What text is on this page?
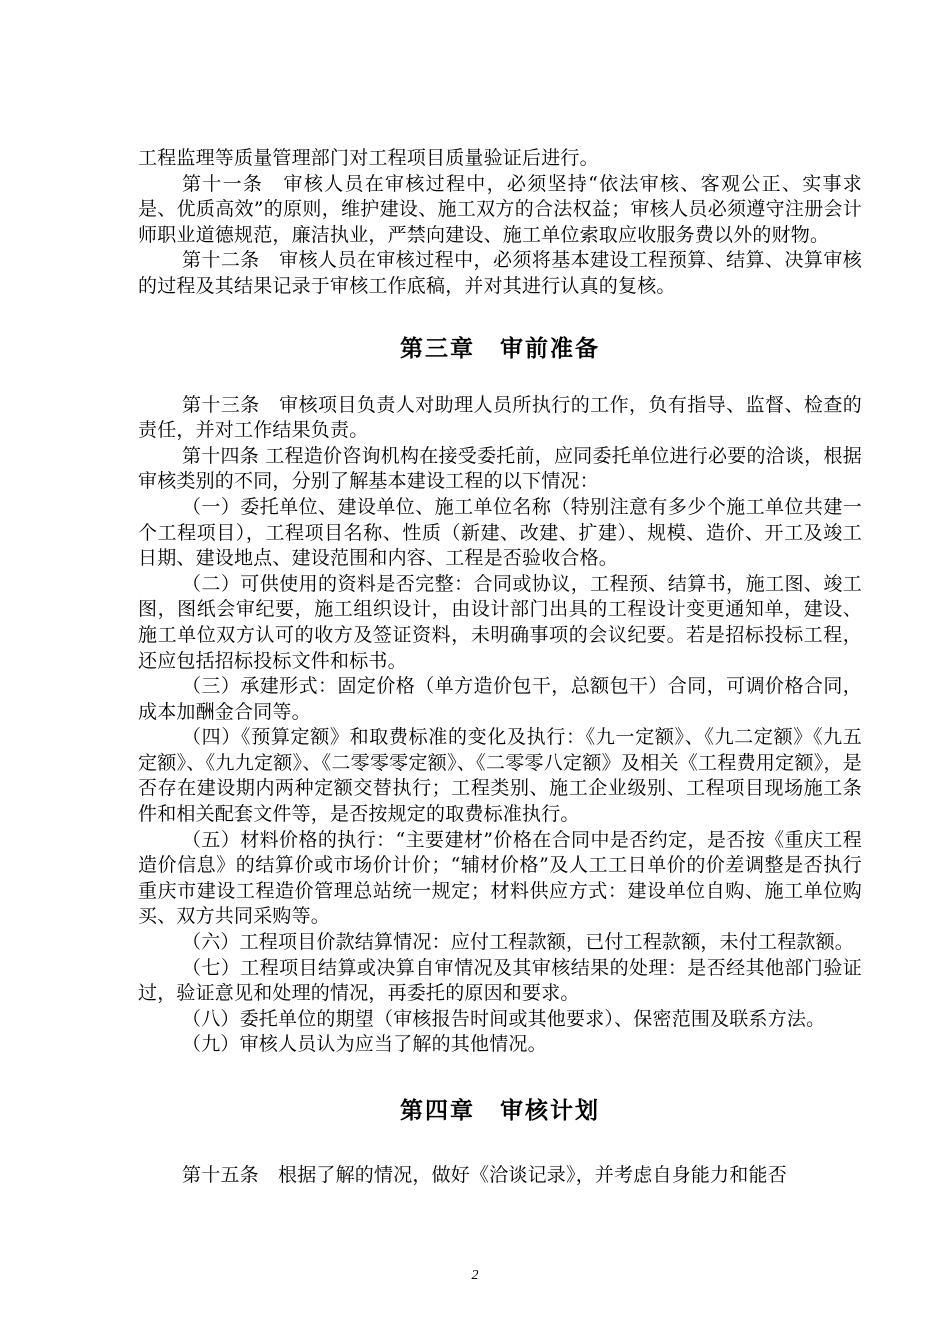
工程监理等质量管理部门对工程项目质量验证后进行。

第十一条　审核人员在审核过程中，必须坚持“依法审核、客观公正、实事求是、优质高效”的原则，维护建设、施工双方的合法权益；审核人员必须遵守注册会计师职业道德规范，廉洁执业，严禁向建设、施工单位索取应收服务费以外的财物。

第十二条　审核人员在审核过程中，必须将基本建设工程预算、结算、决算审核的过程及其结果记录于审核工作底稿，并对其进行认真的复核。

第三章　审前准备

第十三条　审核项目负责人对助理人员所执行的工作，负有指导、监督、检查的责任，并对工作结果负责。

第十四条 工程造价咨询机构在接受委托前，应同委托单位进行必要的洽谈，根据审核类别的不同，分别了解基本建设工程的以下情况：

（一）委托单位、建设单位、施工单位名称（特别注意有多少个施工单位共建一个工程项目），工程项目名称、性质（新建、改建、扩建）、规模、造价、开工及竣工日期、建设地点、建设范围和内容、工程是否验收合格。

（二）可供使用的资料是否完整：合同或协议，工程预、结算书，施工图、竣工图，图纸会审纪要，施工组织设计，由设计部门出具的工程设计变更通知单，建设、施工单位双方认可的收方及签证资料，未明确事项的会议纪要。若是招标投标工程，还应包括招标投标文件和标书。

（三）承建形式：固定价格（单方造价包干，总额包干）合同，可调价格合同，成本加酬金合同等。

（四）《预算定额》和取费标准的变化及执行：《九一定额》、《九二定额》《九五定额》、《九九定额》、《二零零零定额》、《二零零八定额》及相关《工程费用定额》，是否存在建设期内两种定额交替执行；工程类别、施工企业级别、工程项目现场施工条件和相关配套文件等，是否按规定的取费标准执行。

（五）材料价格的执行：“主要建材”价格在合同中是否约定，是否按《重庆工程造价信息》的结算价或市场价计价；“辅材价格”及人工工日单价的价差调整是否执行重庆市建设工程造价管理总站统一规定；材料供应方式：建设单位自购、施工单位购买、双方共同采购等。

（六）工程项目价款结算情况：应付工程款额，已付工程款额，未付工程款额。

（七）工程项目结算或决算自审情况及其审核结果的处理：是否经其他部门验证过，验证意见和处理的情况，再委托的原因和要求。

（八）委托单位的期望（审核报告时间或其他要求）、保密范围及联系方法。

（九）审核人员认为应当了解的其他情况。

第四章　审核计划

第十五条　根据了解的情况，做好《洽谈记录》，并考虑自身能力和能否

2
